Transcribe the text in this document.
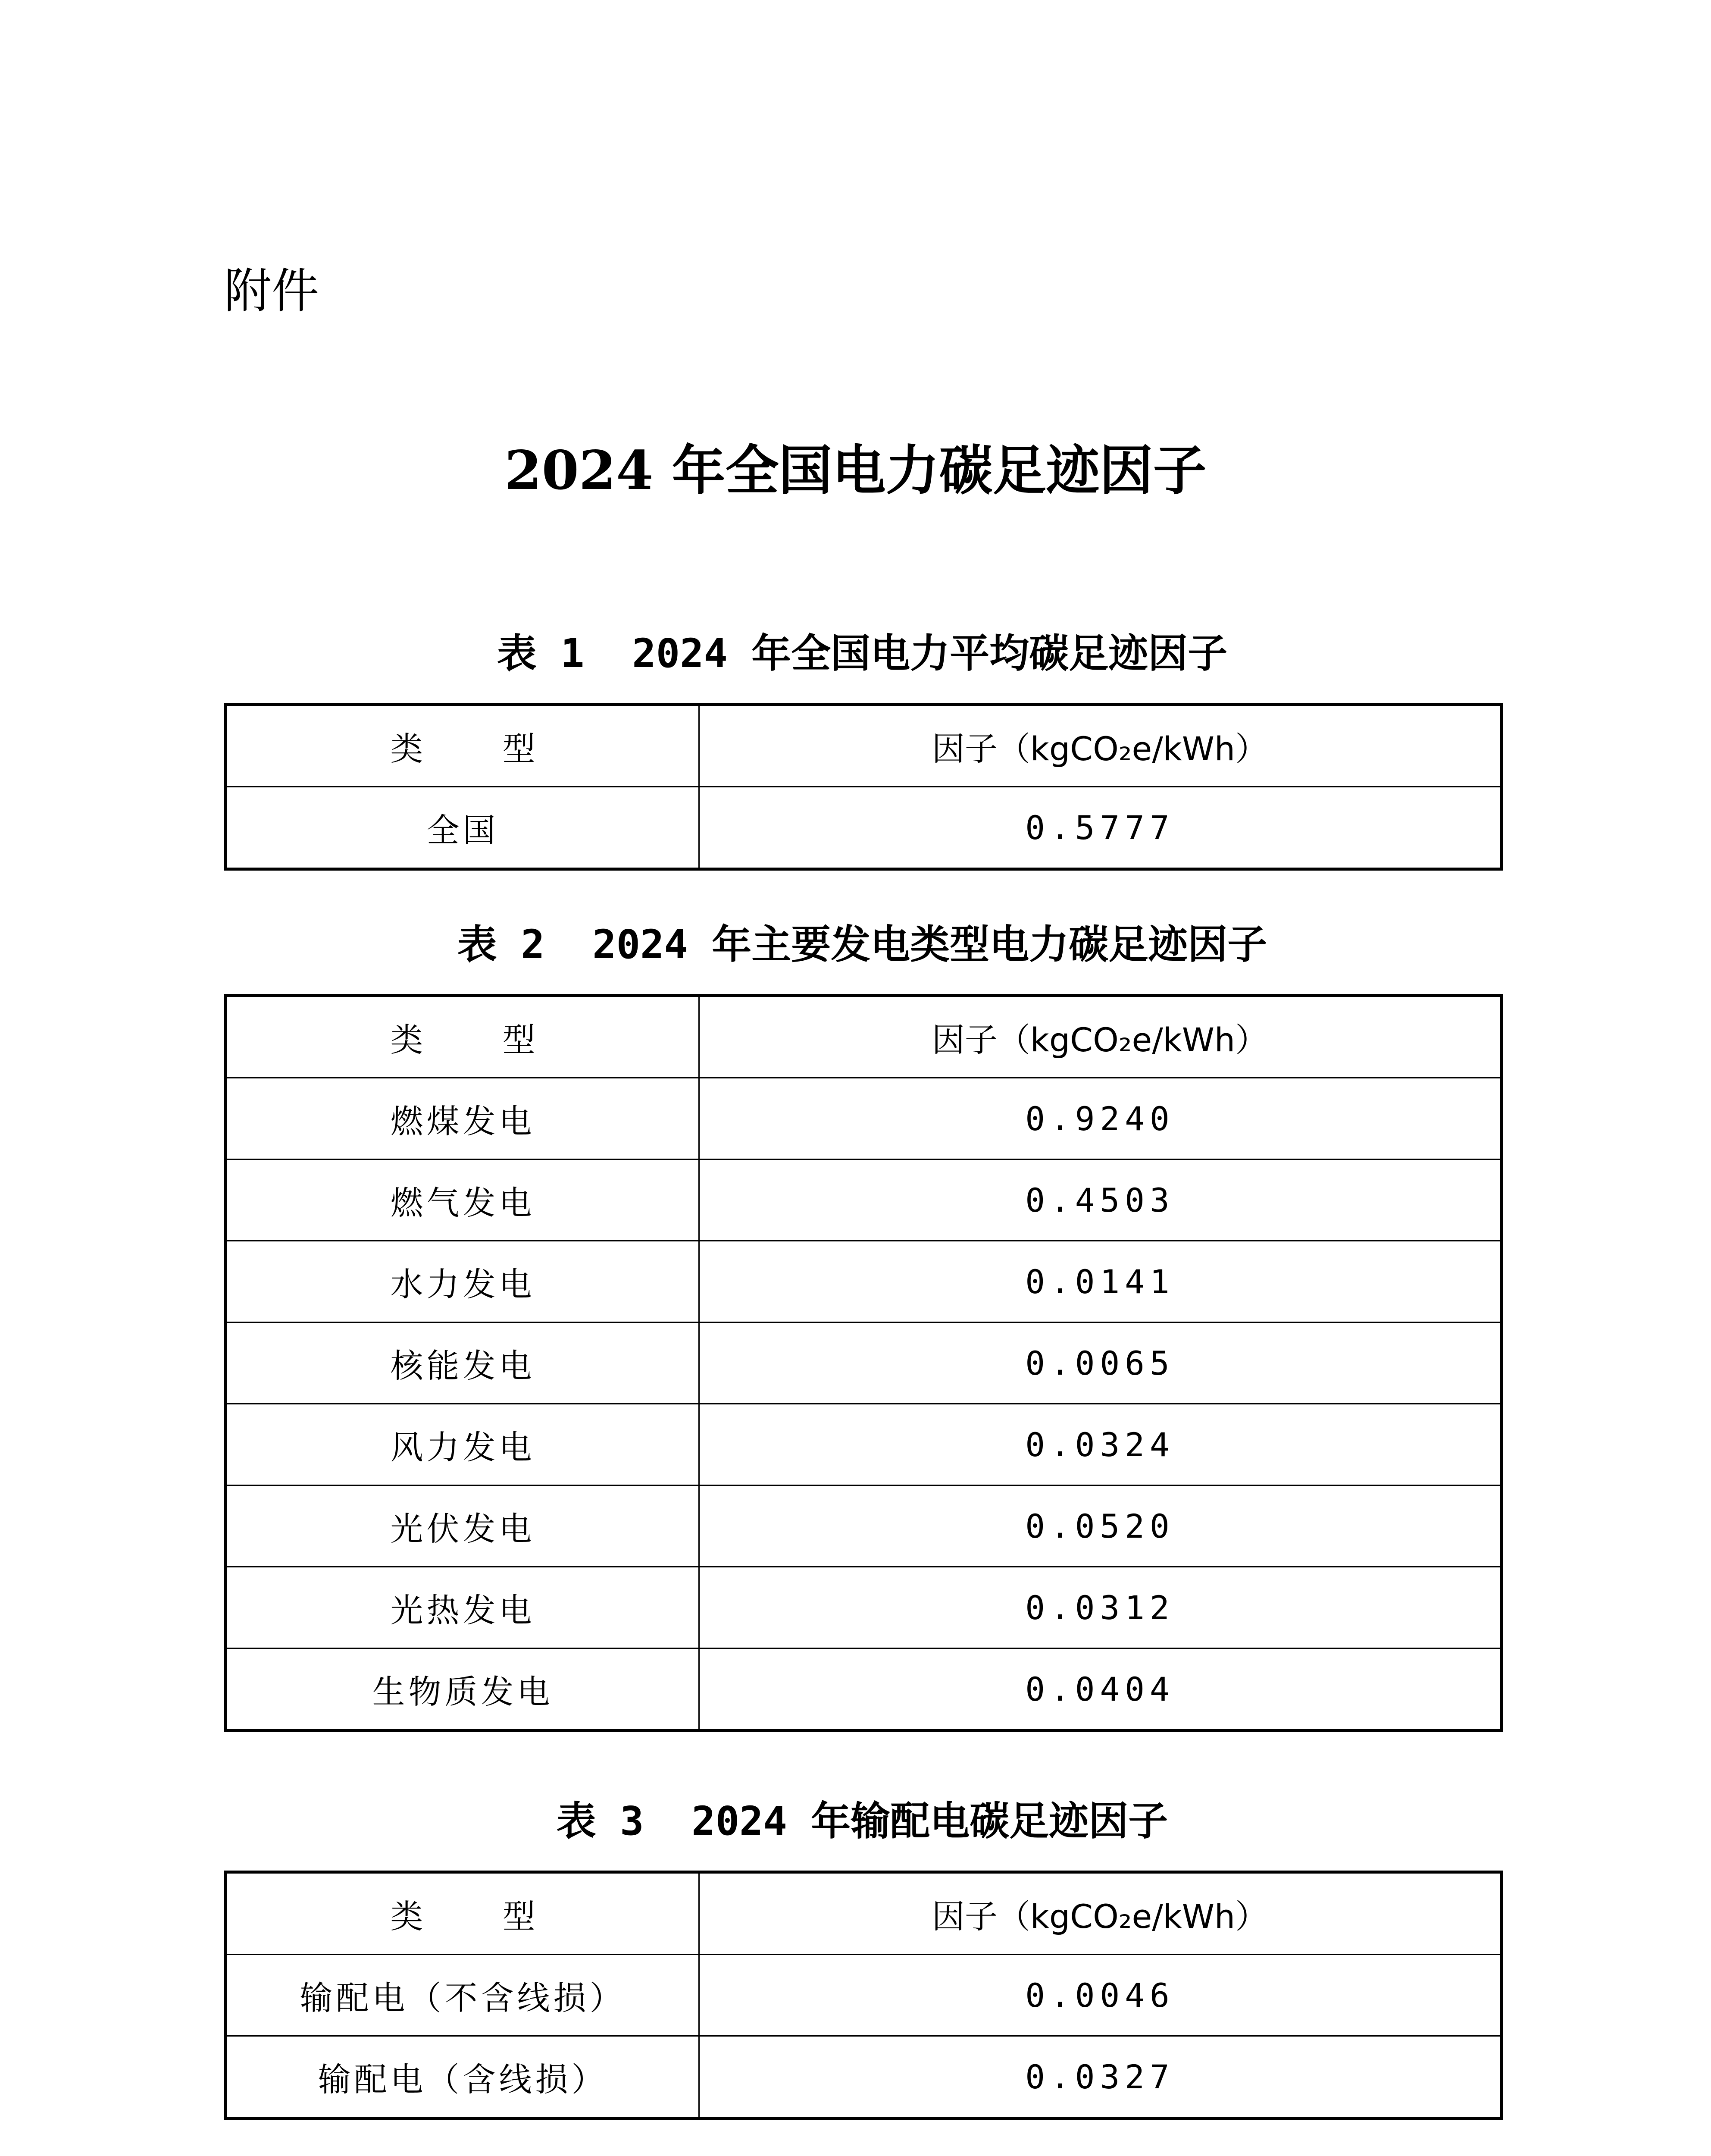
附件
2024 年全国电力碳足迹因子
表 1  2024 年全国电力平均碳足迹因子
类 型	因子（kgCO₂e/kWh）
全国	0.5777
表 2  2024 年主要发电类型电力碳足迹因子
类 型	因子（kgCO₂e/kWh）
燃煤发电	0.9240
燃气发电	0.4503
水力发电	0.0141
核能发电	0.0065
风力发电	0.0324
光伏发电	0.0520
光热发电	0.0312
生物质发电	0.0404
表 3  2024 年输配电碳足迹因子
类 型	因子（kgCO₂e/kWh）
输配电（不含线损）	0.0046
输配电（含线损）	0.0327
